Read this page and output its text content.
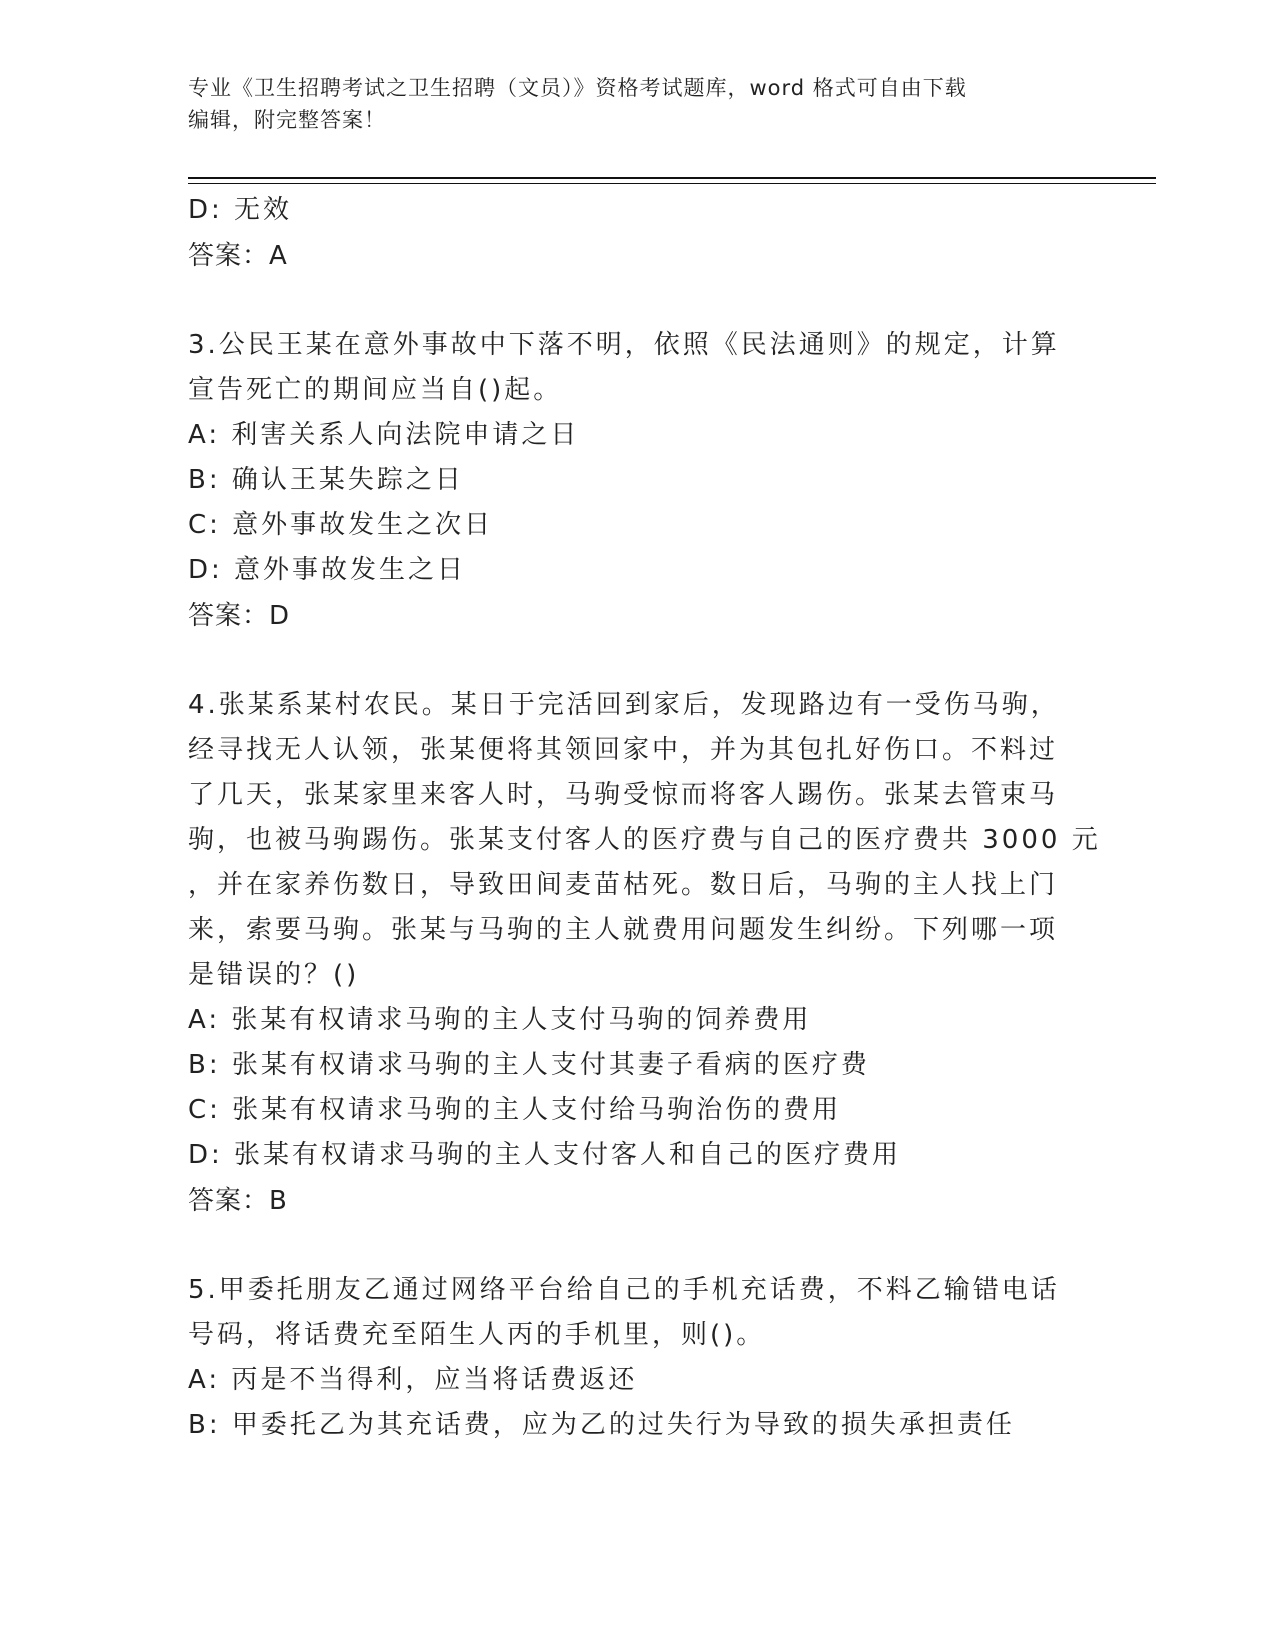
专业《卫生招聘考试之卫生招聘（文员）》资格考试题库，word 格式可自由下载
编辑，附完整答案！
D: 无效
答案：A
3.公民王某在意外事故中下落不明，依照《民法通则》的规定，计算
宣告死亡的期间应当自()起。
A: 利害关系人向法院申请之日
B: 确认王某失踪之日
C: 意外事故发生之次日
D: 意外事故发生之日
答案：D
4.张某系某村农民。某日于完活回到家后，发现路边有一受伤马驹，
经寻找无人认领，张某便将其领回家中，并为其包扎好伤口。不料过
了几天，张某家里来客人时，马驹受惊而将客人踢伤。张某去管束马
驹，也被马驹踢伤。张某支付客人的医疗费与自己的医疗费共 3000 元
，并在家养伤数日，导致田间麦苗枯死。数日后，马驹的主人找上门
来，索要马驹。张某与马驹的主人就费用问题发生纠纷。下列哪一项
是错误的？()
A: 张某有权请求马驹的主人支付马驹的饲养费用
B: 张某有权请求马驹的主人支付其妻子看病的医疗费
C: 张某有权请求马驹的主人支付给马驹治伤的费用
D: 张某有权请求马驹的主人支付客人和自己的医疗费用
答案：B
5.甲委托朋友乙通过网络平台给自己的手机充话费，不料乙输错电话
号码，将话费充至陌生人丙的手机里，则()。
A: 丙是不当得利，应当将话费返还
B: 甲委托乙为其充话费，应为乙的过失行为导致的损失承担责任
